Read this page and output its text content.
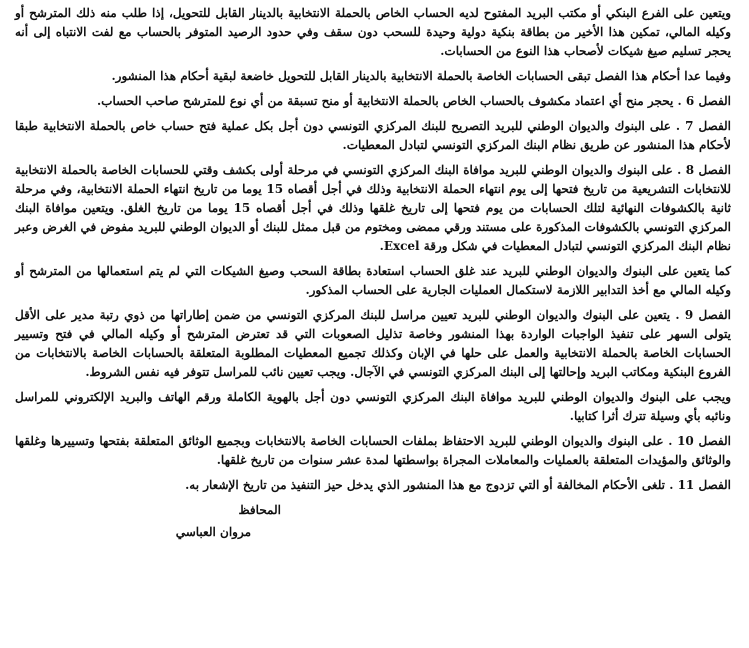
ويتعين على الفرع البنكي أو مكتب البريد المفتوح لديه الحساب الخاص بالحملة الانتخابية بالدينار القابل للتحويل، إذا طلب منه ذلك المترشح أو وكيله المالي، تمكين هذا الأخير من بطاقة بنكية دولية وحيدة للسحب دون سقف وفي حدود الرصيد المتوفر بالحساب مع لفت الانتباه إلى أنه يحجر تسليم صيغ شيكات لأصحاب هذا النوع من الحسابات.

وفيما عدا أحكام هذا الفصل تبقى الحسابات الخاصة بالحملة الانتخابية بالدينار القابل للتحويل خاضعة لبقية أحكام هذا المنشور.

الفصل 6 . يحجر منح أي اعتماد مكشوف بالحساب الخاص بالحملة الانتخابية أو منح تسبقة من أي نوع للمترشح صاحب الحساب.

الفصل 7 . على البنوك والديوان الوطني للبريد التصريح للبنك المركزي التونسي دون أجل بكل عملية فتح حساب خاص بالحملة الانتخابية طبقا لأحكام هذا المنشور عن طريق نظام البنك المركزي التونسي لتبادل المعطيات.

الفصل 8 . على البنوك والديوان الوطني للبريد موافاة البنك المركزي التونسي في مرحلة أولى بكشف وقتي للحسابات الخاصة بالحملة الانتخابية للانتخابات التشريعية من تاريخ فتحها إلى يوم انتهاء الحملة الانتخابية وذلك في أجل أقصاه 15 يوما من تاريخ انتهاء الحملة الانتخابية، وفي مرحلة ثانية بالكشوفات النهائية لتلك الحسابات من يوم فتحها إلى تاريخ غلقها وذلك في أجل أقصاه 15 يوما من تاريخ الغلق. ويتعين موافاة البنك المركزي التونسي بالكشوفات المذكورة على مستند ورقي ممضى ومختوم من قبل ممثل للبنك أو الديوان الوطني للبريد مفوض في الغرض وعبر نظام البنك المركزي التونسي لتبادل المعطيات في شكل ورقة Excel.

كما يتعين على البنوك والديوان الوطني للبريد عند غلق الحساب استعادة بطاقة السحب وصيغ الشيكات التي لم يتم استعمالها من المترشح أو وكيله المالي مع أخذ التدابير اللازمة لاستكمال العمليات الجارية على الحساب المذكور.

الفصل 9 . يتعين على البنوك والديوان الوطني للبريد تعيين مراسل للبنك المركزي التونسي من ضمن إطاراتها من ذوي رتبة مدير على الأقل يتولى السهر على تنفيذ الواجبات الواردة بهذا المنشور وخاصة تذليل الصعوبات التي قد تعترض المترشح أو وكيله المالي في فتح وتسيير الحسابات الخاصة بالحملة الانتخابية والعمل على حلها في الإبان وكذلك تجميع المعطيات المطلوبة المتعلقة بالحسابات الخاصة بالانتخابات من الفروع البنكية ومكاتب البريد وإحالتها إلى البنك المركزي التونسي في الآجال. ويجب تعيين نائب للمراسل تتوفر فيه نفس الشروط.

ويجب على البنوك والديوان الوطني للبريد موافاة البنك المركزي التونسي دون أجل بالهوية الكاملة ورقم الهاتف والبريد الإلكتروني للمراسل ونائبه بأي وسيلة تترك أثرا كتابيا.

الفصل 10 . على البنوك والديوان الوطني للبريد الاحتفاظ بملفات الحسابات الخاصة بالانتخابات وبجميع الوثائق المتعلقة بفتحها وتسييرها وغلقها والوثائق والمؤيدات المتعلقة بالعمليات والمعاملات المجراة بواسطتها لمدة عشر سنوات من تاريخ غلقها.

الفصل 11 . تلغى الأحكام المخالفة أو التي تزدوج مع هذا المنشور الذي يدخل حيز التنفيذ من تاريخ الإشعار به.

المحافظ

مروان العباسي
